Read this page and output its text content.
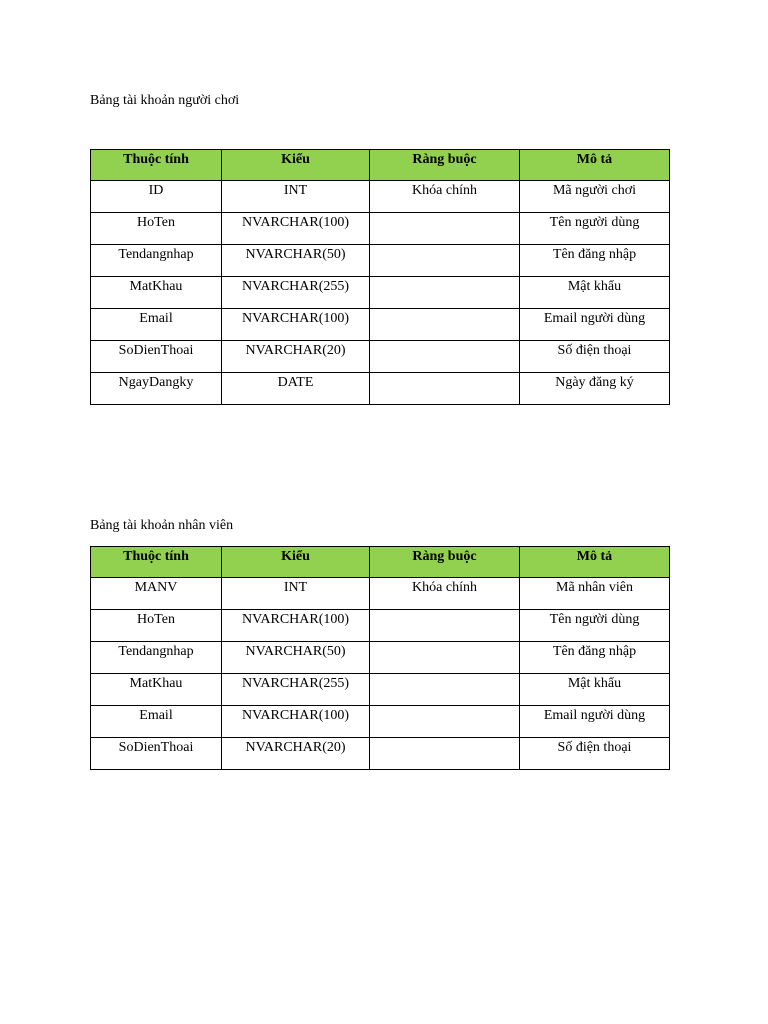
Bảng tài khoản người chơi

Thuộc tính	Kiểu	Ràng buộc	Mô tả
ID	INT	Khóa chính	Mã người chơi
HoTen	NVARCHAR(100)		Tên người dùng
Tendangnhap	NVARCHAR(50)		Tên đăng nhập
MatKhau	NVARCHAR(255)		Mật khẩu
Email	NVARCHAR(100)		Email người dùng
SoDienThoai	NVARCHAR(20)		Số điện thoại
NgayDangky	DATE		Ngày đăng ký

Bảng tài khoản nhân viên

Thuộc tính	Kiểu	Ràng buộc	Mô tả
MANV	INT	Khóa chính	Mã nhân viên
HoTen	NVARCHAR(100)		Tên người dùng
Tendangnhap	NVARCHAR(50)		Tên đăng nhập
MatKhau	NVARCHAR(255)		Mật khẩu
Email	NVARCHAR(100)		Email người dùng
SoDienThoai	NVARCHAR(20)		Số điện thoại
